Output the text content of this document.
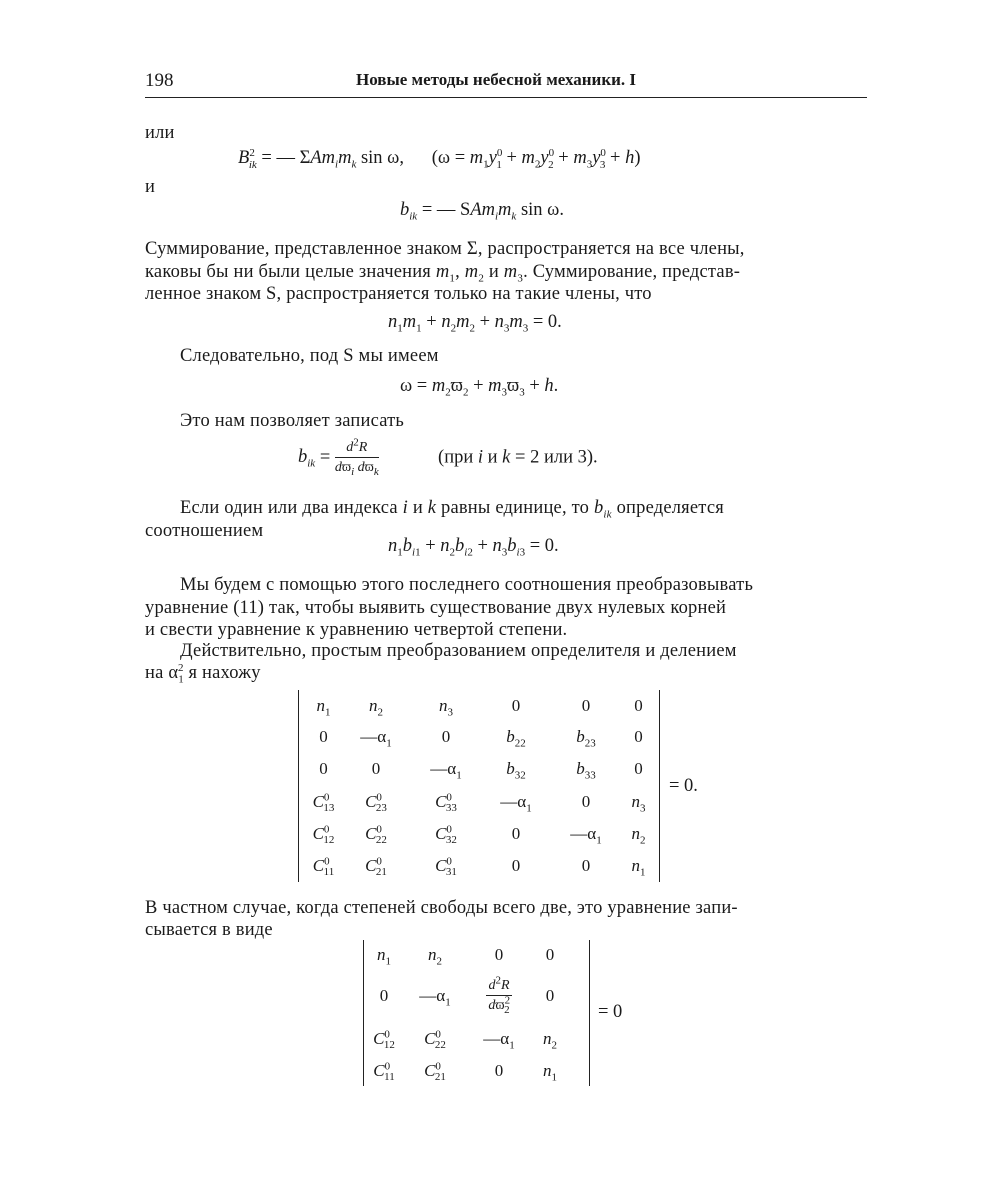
198	Новые методы небесной механики. I
или
$B^2_{ik}$ = — $\Sigma Am_im_k$ sin ω,      $(\omega = m_1y^0_1 + m_2y^0_2 + m_3y^0_3 + h)$
и
$b_{ik}$ = — $SAm_im_k$ sin ω.
Суммирование, представленное знаком Σ, распространяется на все члены,
каковы бы ни были целые значения $m_1$, $m_2$ и $m_3$. Суммирование, представ-
ленное знаком S, распространяется только на такие члены, что
$n_1m_1 + n_2m_2 + n_3m_3 = 0$.
Следовательно, под S мы имеем
$\omega = m_2ϖ_2 + m_3ϖ_3 + h$.
Это нам позволяет записать
$b_{ik} = \frac{d^2R}{dϖ_i dϖ_k}$	(при i и k = 2 или 3).
Если один или два индекса i и k равны единице, то $b_{ik}$ определяется
соотношением
$n_1b_{i1} + n_2b_{i2} + n_3b_{i3} = 0$.
Мы будем с помощью этого последнего соотношения преобразовывать
уравнение (11) так, чтобы выявить существование двух нулевых корней
и свести уравнение к уравнению четвертой степени.
Действительно, простым преобразованием определителя и делением
на $\alpha_1^2$ я нахожу
$n_1$	$n_2$	$n_3$	0	0	0
0	$—\alpha_1$	0	$b_{22}$	$b_{23}$	0
0	0	$—\alpha_1$	$b_{32}$	$b_{33}$	0
$C^0_{13}$	$C^0_{23}$	$C^0_{33}$	$—\alpha_1$	0	$n_3$
$C^0_{12}$	$C^0_{22}$	$C^0_{32}$	0	$—\alpha_1$	$n_2$
$C^0_{11}$	$C^0_{21}$	$C^0_{31}$	0	0	$n_1$
= 0.
В частном случае, когда степеней свободы всего две, это уравнение запи-
сывается в виде
$n_1$	$n_2$	0	0
0	$—\alpha_1$	$\frac{d^2R}{dϖ^2_2}$	0
$C^0_{12}$	$C^0_{22}$	$—\alpha_1$	$n_2$
$C^0_{11}$	$C^0_{21}$	0	$n_1$
= 0
